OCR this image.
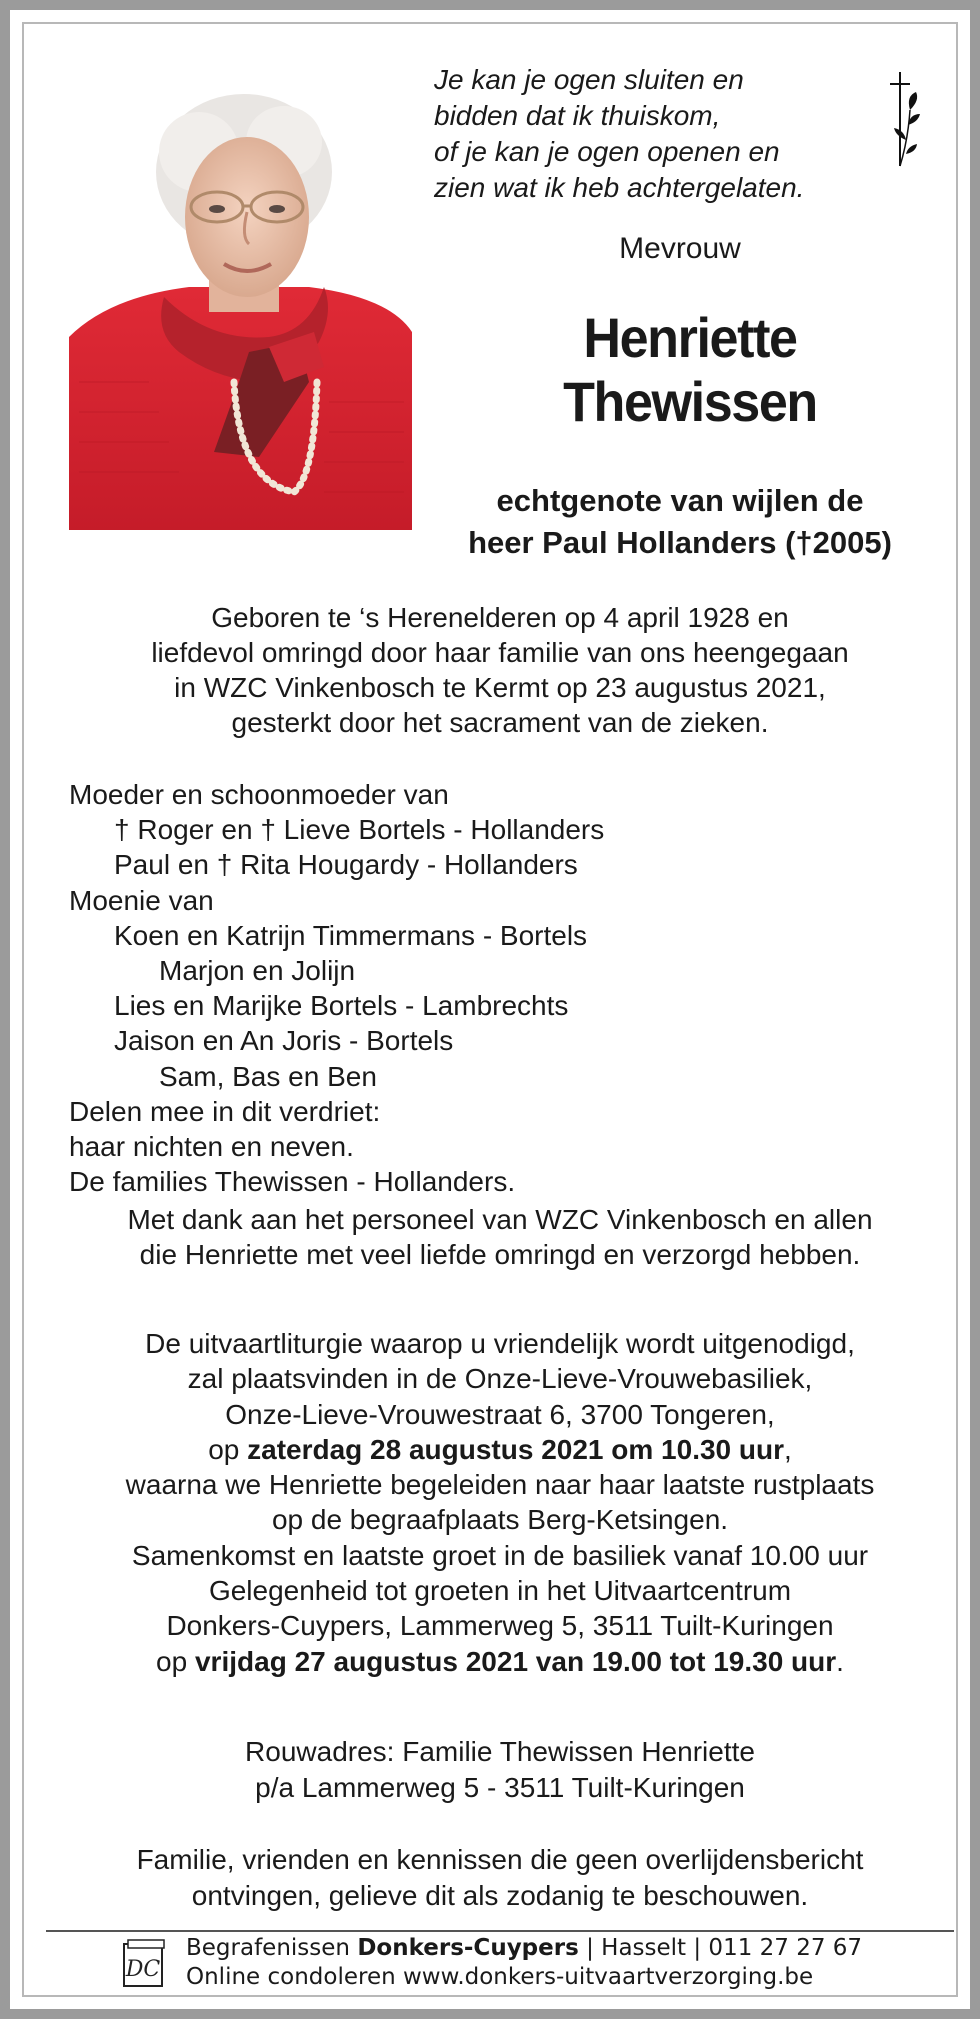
Je kan je ogen sluiten en
bidden dat ik thuiskom,
of je kan je ogen openen en
zien wat ik heb achtergelaten.
Mevrouw
Henriette
Thewissen
echtgenote van wijlen de
heer Paul Hollanders (†2005)
Geboren te ‘s Herenelderen op 4 april 1928 en
liefdevol omringd door haar familie van ons heengegaan
in WZC Vinkenbosch te Kermt op 23 augustus 2021,
gesterkt door het sacrament van de zieken.
Moeder en schoonmoeder van
† Roger en † Lieve Bortels - Hollanders
Paul en † Rita Hougardy - Hollanders
Moenie van
Koen en Katrijn Timmermans - Bortels
Marjon en Jolijn
Lies en Marijke Bortels - Lambrechts
Jaison en An Joris - Bortels
Sam, Bas en Ben
Delen mee in dit verdriet:
haar nichten en neven.
De families Thewissen - Hollanders.
Met dank aan het personeel van WZC Vinkenbosch en allen
die Henriette met veel liefde omringd en verzorgd hebben.
De uitvaartliturgie waarop u vriendelijk wordt uitgenodigd,
zal plaatsvinden in de Onze-Lieve-Vrouwebasiliek,
Onze-Lieve-Vrouwestraat 6, 3700 Tongeren,
op zaterdag 28 augustus 2021 om 10.30 uur,
waarna we Henriette begeleiden naar haar laatste rustplaats
op de begraafplaats Berg-Ketsingen.
Samenkomst en laatste groet in de basiliek vanaf 10.00 uur
Gelegenheid tot groeten in het Uitvaartcentrum
Donkers-Cuypers, Lammerweg 5, 3511 Tuilt-Kuringen
op vrijdag 27 augustus 2021 van 19.00 tot 19.30 uur.
Rouwadres: Familie Thewissen Henriette
p/a Lammerweg 5 - 3511 Tuilt-Kuringen
Familie, vrienden en kennissen die geen overlijdensbericht
ontvingen, gelieve dit als zodanig te beschouwen.
DC
Begrafenissen Donkers-Cuypers | Hasselt | 011 27 27 67
Online condoleren www.donkers-uitvaartverzorging.be
